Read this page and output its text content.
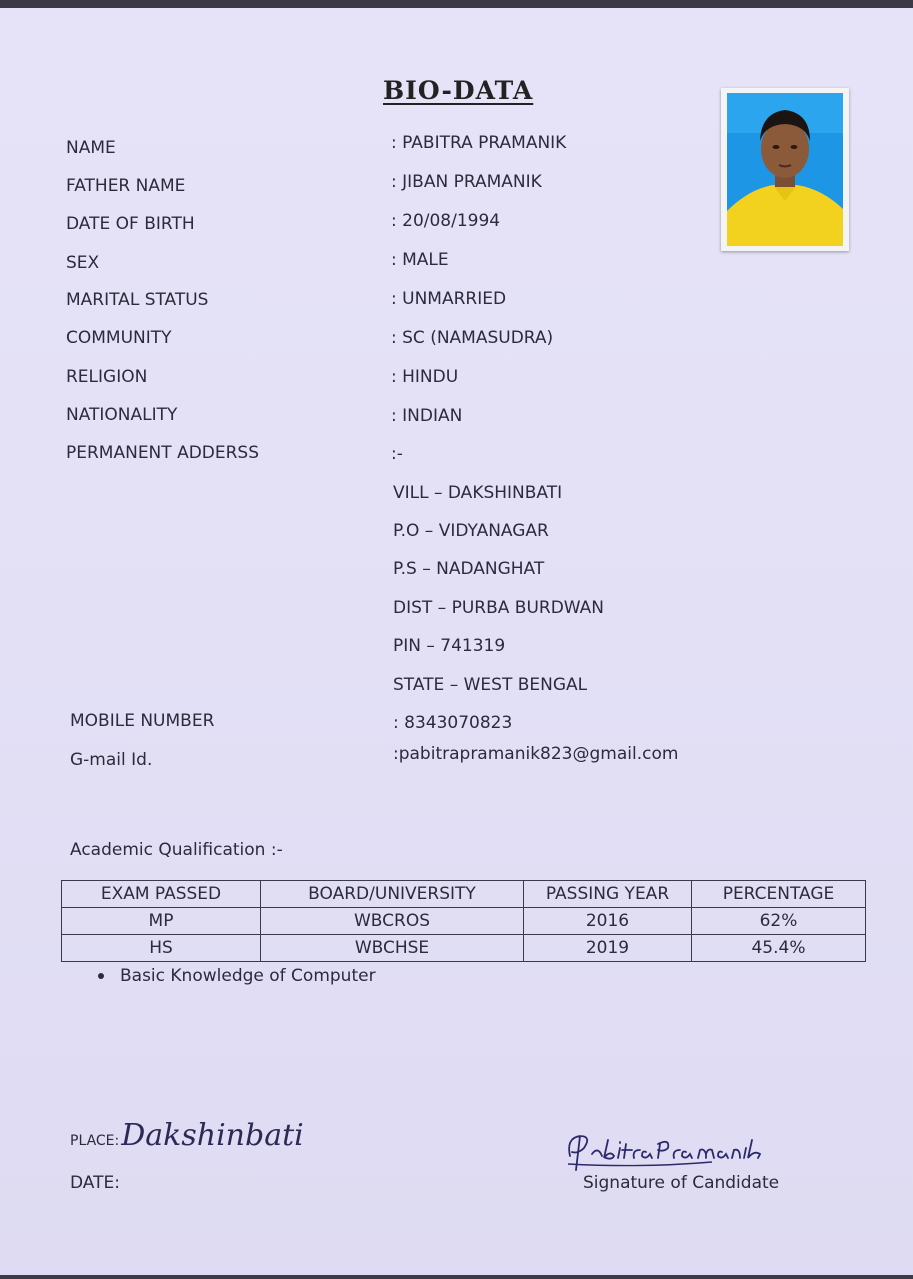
BIO-DATA
NAME	: PABITRA PRAMANIK
FATHER NAME	: JIBAN PRAMANIK
DATE OF BIRTH	: 20/08/1994
SEX	: MALE
MARITAL STATUS	: UNMARRIED
COMMUNITY	: SC (NAMASUDRA)
RELIGION	: HINDU
NATIONALITY	: INDIAN
PERMANENT ADDERSS	:-
VILL – DAKSHINBATI
P.O – VIDYANAGAR
P.S – NADANGHAT
DIST – PURBA BURDWAN
PIN – 741319
STATE – WEST BENGAL
MOBILE NUMBER	: 8343070823
G-mail Id.	:pabitrapramanik823@gmail.com
Academic Qualification :-
EXAM PASSED	BOARD/UNIVERSITY	PASSING YEAR	PERCENTAGE
MP	WBCROS	2016	62%
HS	WBCHSE	2019	45.4%
Basic Knowledge of Computer
PLACE:Dakshinbati
DATE:	Signature of Candidate
